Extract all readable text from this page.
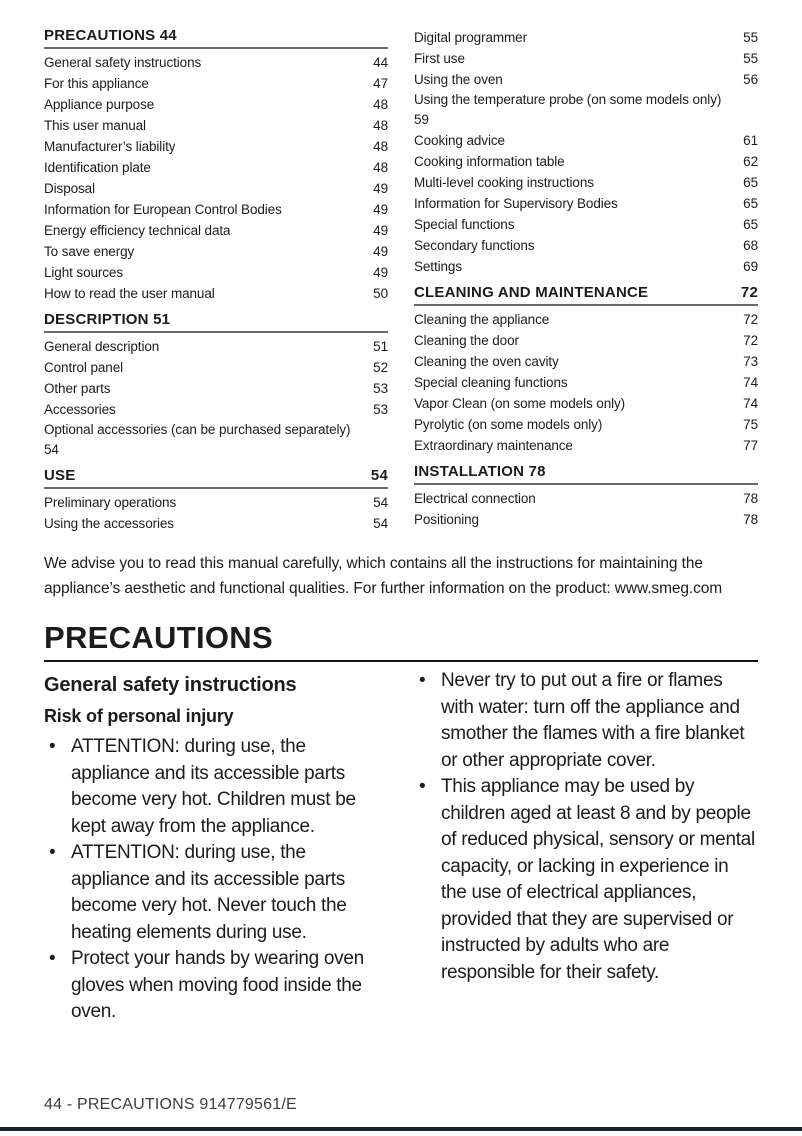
PRECAUTIONS 44
General safety instructions	44
For this appliance	47
Appliance purpose	48
This user manual	48
Manufacturer’s liability	48
Identification plate	48
Disposal	49
Information for European Control Bodies	49
Energy efficiency technical data	49
To save energy	49
Light sources	49
How to read the user manual	50
DESCRIPTION 51
General description	51
Control panel	52
Other parts	53
Accessories	53
Optional accessories (can be purchased separately)
54
USE	54
Preliminary operations	54
Using the accessories	54
Digital programmer	55
First use	55
Using the oven	56
Using the temperature probe (on some models only)
59
Cooking advice	61
Cooking information table	62
Multi-level cooking instructions	65
Information for Supervisory Bodies	65
Special functions	65
Secondary functions	68
Settings	69
CLEANING AND MAINTENANCE	72
Cleaning the appliance	72
Cleaning the door	72
Cleaning the oven cavity	73
Special cleaning functions	74
Vapor Clean (on some models only)	74
Pyrolytic (on some models only)	75
Extraordinary maintenance	77
INSTALLATION 78
Electrical connection	78
Positioning	78
We advise you to read this manual carefully, which contains all the instructions for maintaining the appliance’s aesthetic and functional qualities. For further information on the product: www.smeg.com
PRECAUTIONS
General safety instructions
Risk of personal injury
• ATTENTION: during use, the appliance and its accessible parts become very hot. Children must be kept away from the appliance.
• ATTENTION: during use, the appliance and its accessible parts become very hot. Never touch the heating elements during use.
• Protect your hands by wearing oven gloves when moving food inside the oven.
• Never try to put out a fire or flames with water: turn off the appliance and smother the flames with a fire blanket or other appropriate cover.
• This appliance may be used by children aged at least 8 and by people of reduced physical, sensory or mental capacity, or lacking in experience in the use of electrical appliances, provided that they are supervised or instructed by adults who are responsible for their safety.
44 - PRECAUTIONS 914779561/E
